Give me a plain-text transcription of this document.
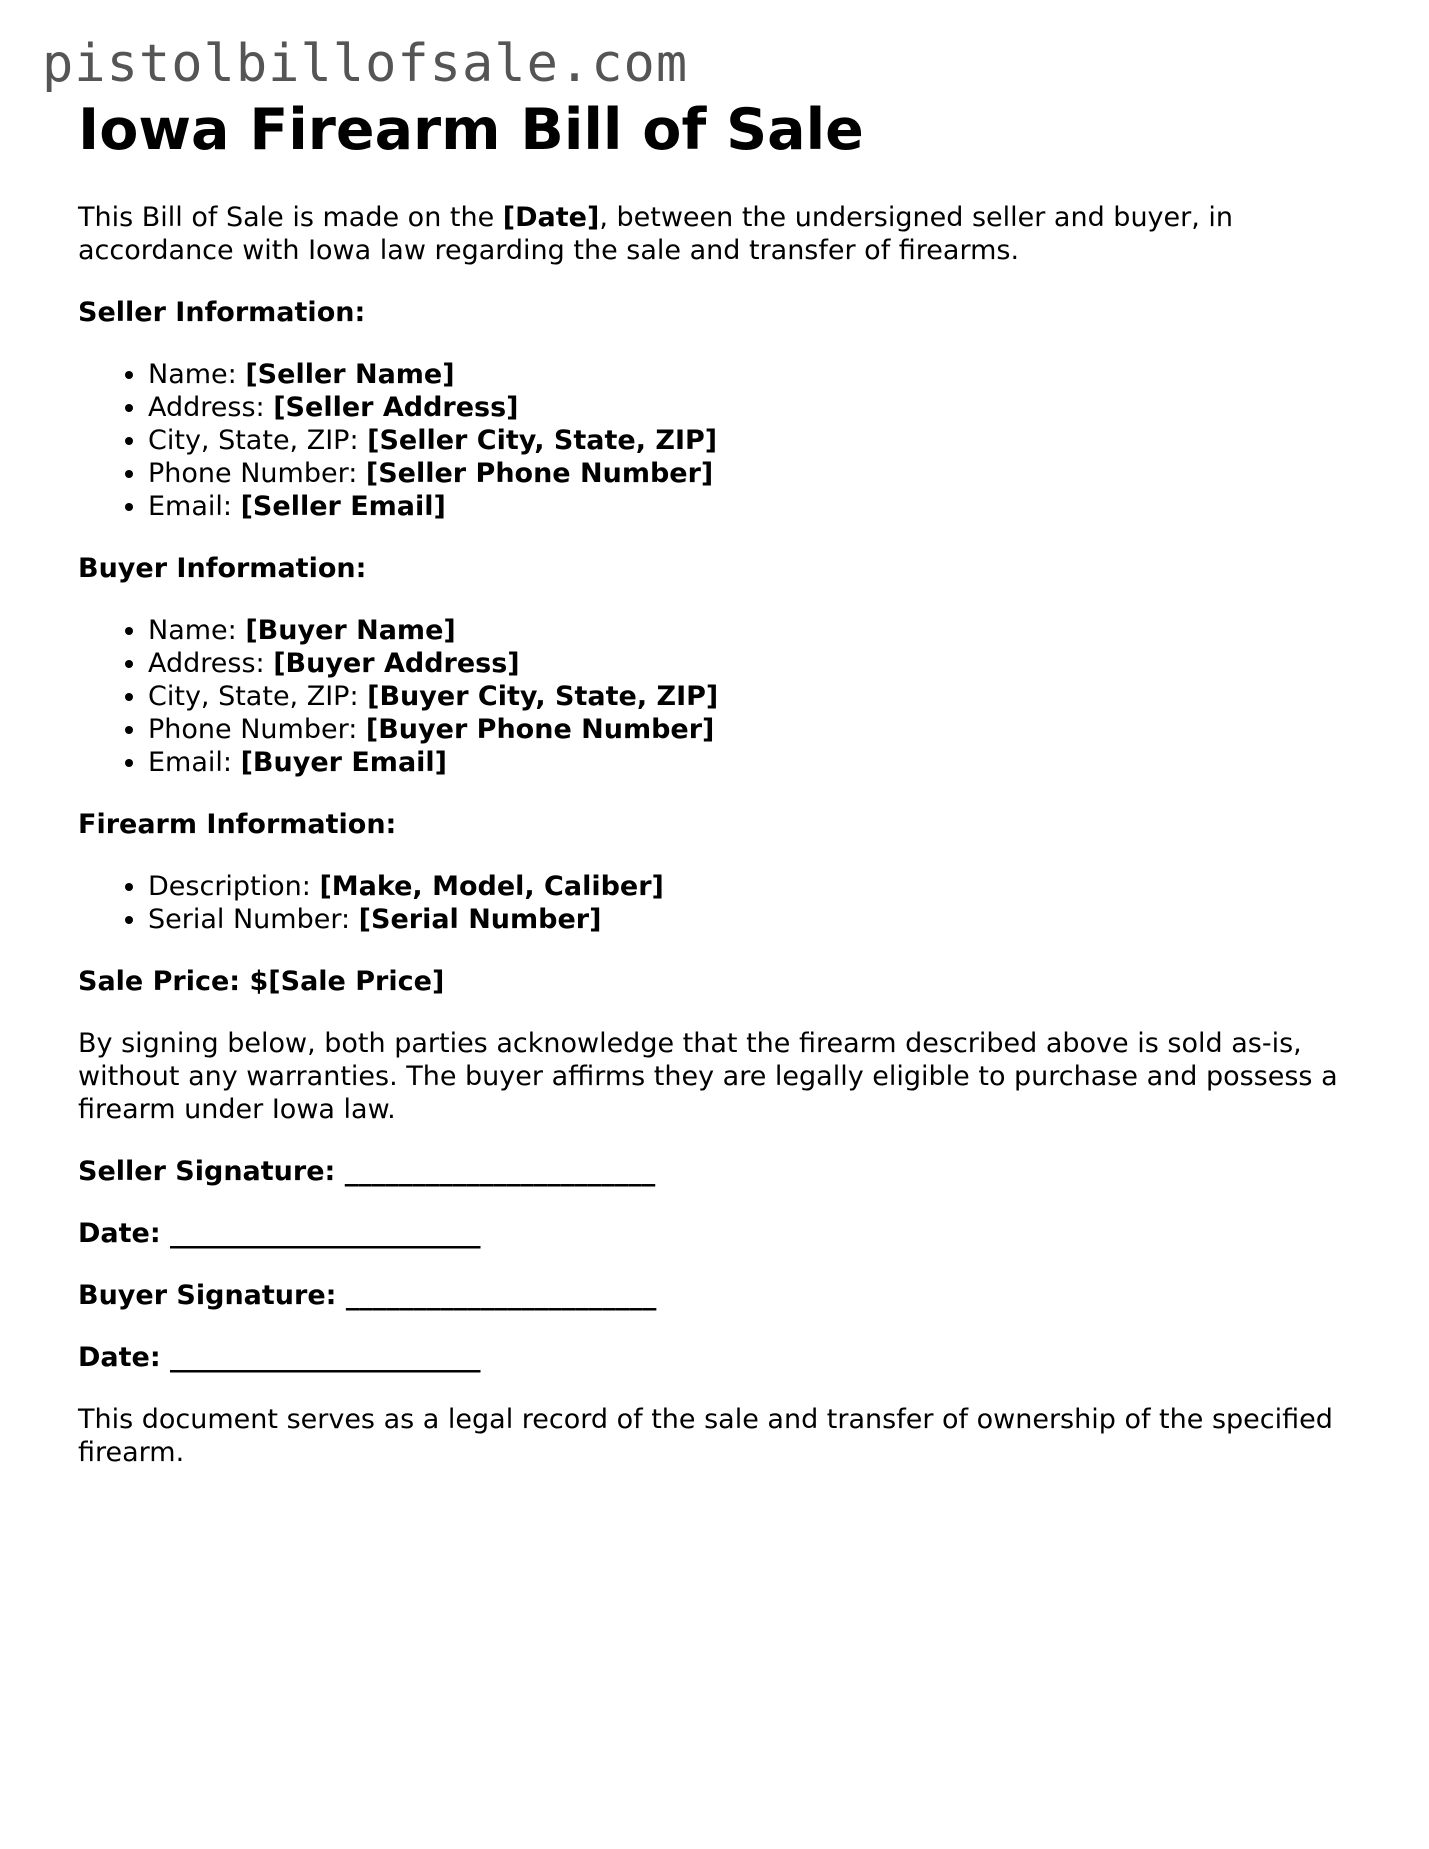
pistolbillofsale.com
Iowa Firearm Bill of Sale

This Bill of Sale is made on the [Date], between the undersigned seller and buyer, in accordance with Iowa law regarding the sale and transfer of firearms.

Seller Information:

• Name: [Seller Name]
• Address: [Seller Address]
• City, State, ZIP: [Seller City, State, ZIP]
• Phone Number: [Seller Phone Number]
• Email: [Seller Email]

Buyer Information:

• Name: [Buyer Name]
• Address: [Buyer Address]
• City, State, ZIP: [Buyer City, State, ZIP]
• Phone Number: [Buyer Phone Number]
• Email: [Buyer Email]

Firearm Information:

• Description: [Make, Model, Caliber]
• Serial Number: [Serial Number]

Sale Price: $[Sale Price]

By signing below, both parties acknowledge that the firearm described above is sold as-is, without any warranties. The buyer affirms they are legally eligible to purchase and possess a firearm under Iowa law.

Seller Signature: _______________________

Date: _______________________

Buyer Signature: _______________________

Date: _______________________

This document serves as a legal record of the sale and transfer of ownership of the specified firearm.
